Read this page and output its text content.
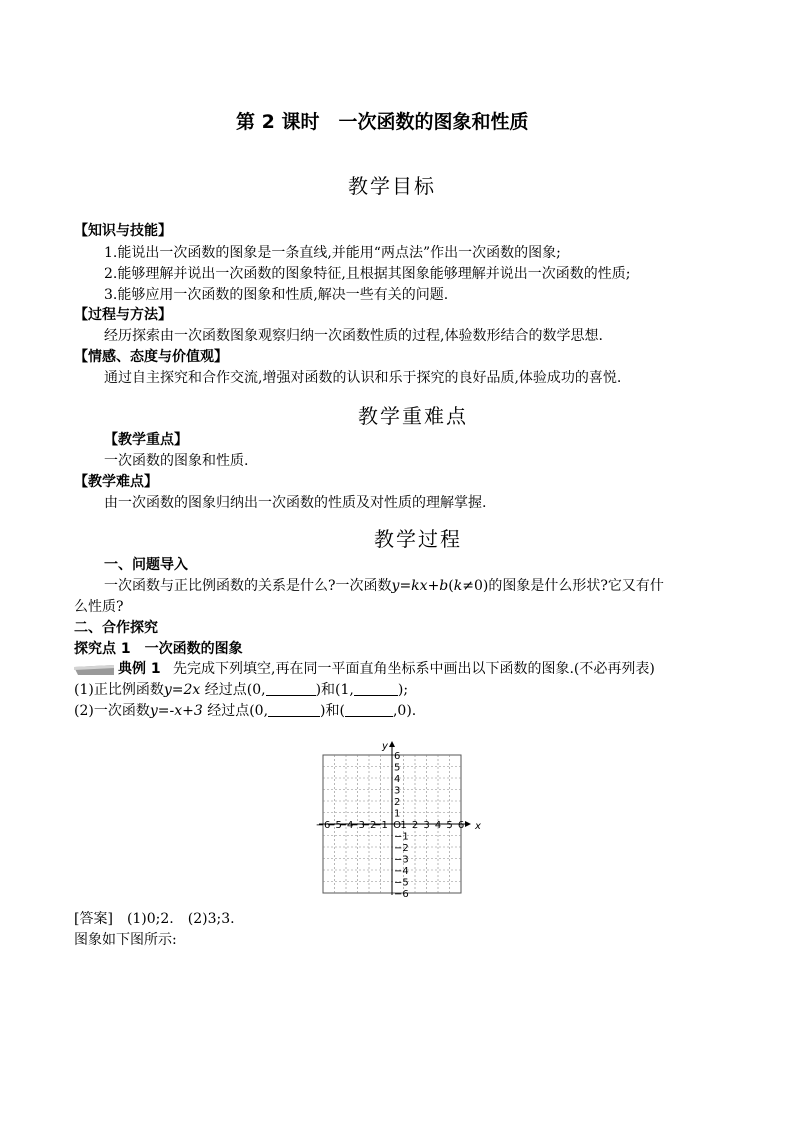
第 2 课时　一次函数的图象和性质
教学目标
【知识与技能】
1.能说出一次函数的图象是一条直线,并能用“两点法”作出一次函数的图象;
2.能够理解并说出一次函数的图象特征,且根据其图象能够理解并说出一次函数的性质;
3.能够应用一次函数的图象和性质,解决一些有关的问题.
【过程与方法】
经历探索由一次函数图象观察归纳一次函数性质的过程,体验数形结合的数学思想.
【情感、态度与价值观】
通过自主探究和合作交流,增强对函数的认识和乐于探究的良好品质,体验成功的喜悦.
教学重难点
【教学重点】
一次函数的图象和性质.
【教学难点】
由一次函数的图象归纳出一次函数的性质及对性质的理解掌握.
教学过程
一、问题导入
一次函数与正比例函数的关系是什么?一次函数y=kx+b(k≠0)的图象是什么形状?它又有什
么性质?
二、合作探究
探究点 1　一次函数的图象
典例 1 先完成下列填空,再在同一平面直角坐标系中画出以下函数的图象.(不必再列表)
(1)正比例函数y=2x 经过点(0,	)和(1,	);
(2)一次函数y=-x+3 经过点(0,	)和(	,0).
x
y
O
−6
−5
−4
−3
−2
−1 1 2 3 4 5 6
−6
−5
−4
−3
−2
−1
1
2
3
4
5
6
[答案]　 (1)0;2.　(2)3;3.
图象如下图所示:
